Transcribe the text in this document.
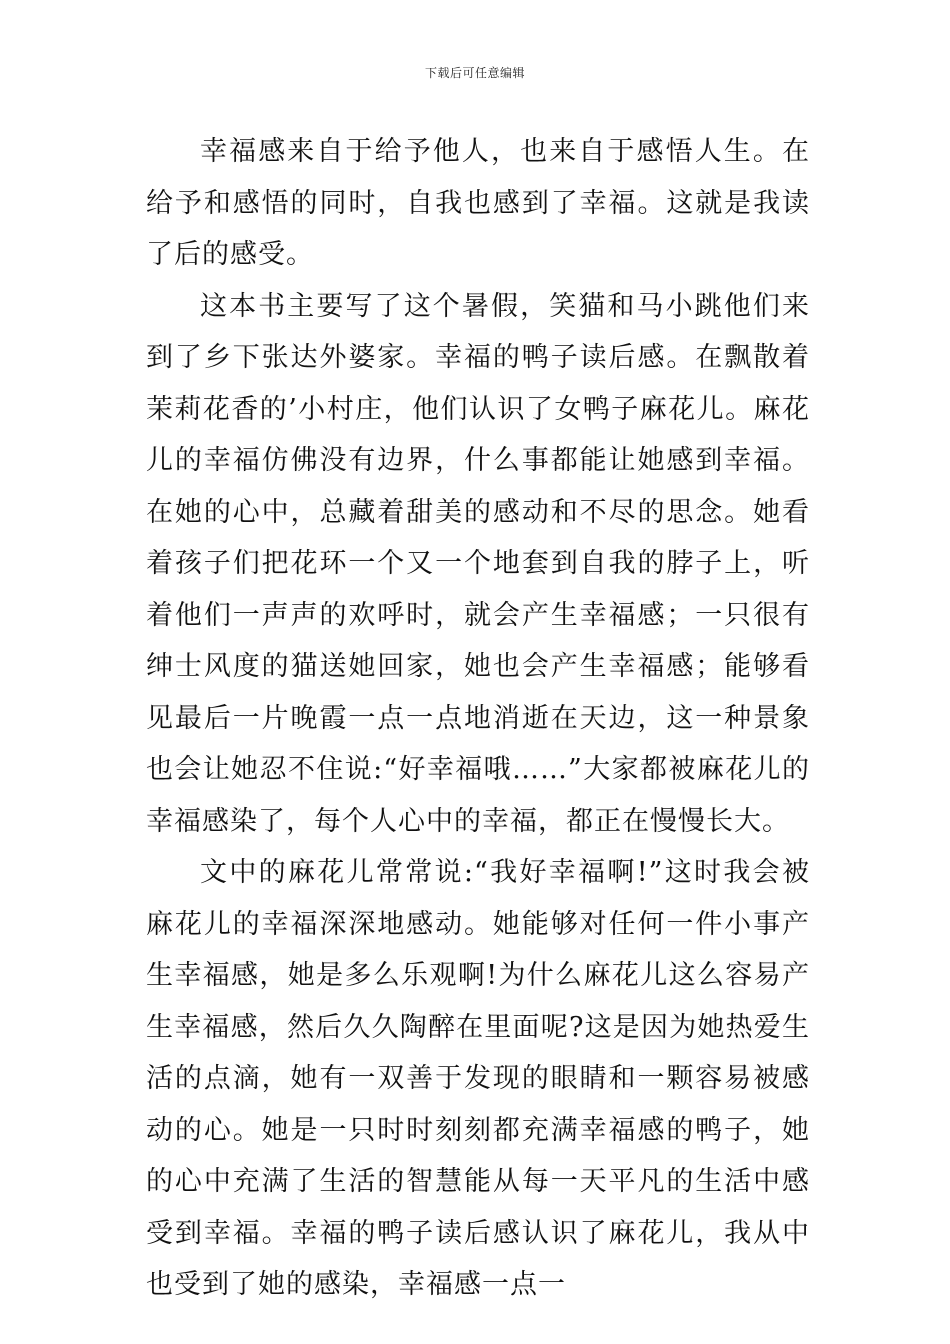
下载后可任意编辑

幸福感来自于给予他人，也来自于感悟人生。在给予和感悟的同时，自我也感到了幸福。这就是我读了后的感受。

这本书主要写了这个暑假，笑猫和马小跳他们来到了乡下张达外婆家。幸福的鸭子读后感。在飘散着茉莉花香的’小村庄，他们认识了女鸭子麻花儿。麻花儿的幸福仿佛没有边界，什么事都能让她感到幸福。在她的心中，总藏着甜美的感动和不尽的思念。她看着孩子们把花环一个又一个地套到自我的脖子上，听着他们一声声的欢呼时，就会产生幸福感；一只很有绅士风度的猫送她回家，她也会产生幸福感；能够看见最后一片晚霞一点一点地消逝在天边，这一种景象也会让她忍不住说:“好幸福哦……”大家都被麻花儿的幸福感染了，每个人心中的幸福，都正在慢慢长大。

文中的麻花儿常常说:“我好幸福啊!”这时我会被麻花儿的幸福深深地感动。她能够对任何一件小事产生幸福感，她是多么乐观啊!为什么麻花儿这么容易产生幸福感，然后久久陶醉在里面呢?这是因为她热爱生活的点滴，她有一双善于发现的眼睛和一颗容易被感动的心。她是一只时时刻刻都充满幸福感的鸭子，她的心中充满了生活的智慧能从每一天平凡的生活中感受到幸福。幸福的鸭子读后感认识了麻花儿，我从中也受到了她的感染，幸福感一点一
